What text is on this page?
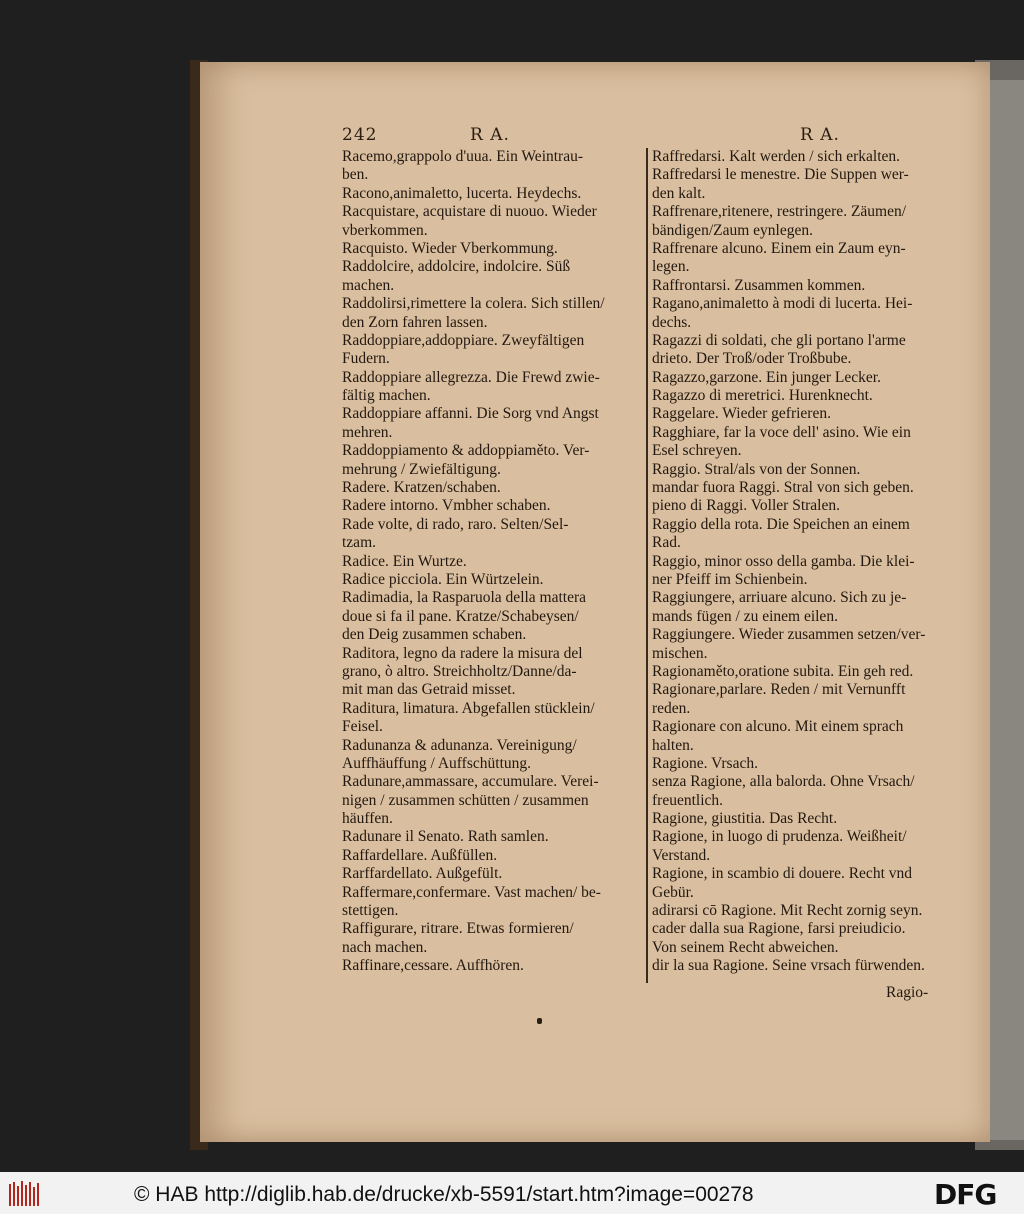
242	R A.	R A.
Racemo,grappolo d'uua. Ein Weintrau-
ben.
Racono,animaletto, lucerta. Heydechs.
Racquistare, acquistare di nuouo. Wieder
vberkommen.
Racquisto. Wieder Vberkommung.
Raddolcire, addolcire, indolcire. Süß
machen.
Raddolirsi,rimettere la colera. Sich stillen/
den Zorn fahren lassen.
Raddoppiare,addoppiare. Zweyfältigen
Fudern.
Raddoppiare allegrezza. Die Frewd zwie-
fältig machen.
Raddoppiare affanni. Die Sorg vnd Angst
mehren.
Raddoppiamento & addoppiaměto. Ver-
mehrung / Zwiefältigung.
Radere. Kratzen/schaben.
Radere intorno. Vmbher schaben.
Rade volte, di rado, raro. Selten/Sel-
tzam.
Radice. Ein Wurtze.
Radice picciola. Ein Würtzelein.
Radimadia, la Rasparuola della mattera
doue si fa il pane. Kratze/Schabeysen/
den Deig zusammen schaben.
Raditora, legno da radere la misura del
grano, ò altro. Streichholtz/Danne/da-
mit man das Getraid misset.
Raditura, limatura. Abgefallen stücklein/
Feisel.
Radunanza & adunanza. Vereinigung/
Auffhäuffung / Auffschüttung.
Radunare,ammassare, accumulare. Verei-
nigen / zusammen schütten / zusammen
häuffen.
Radunare il Senato. Rath samlen.
Raffardellare. Außfüllen.
Rarffardellato. Außgefült.
Raffermare,confermare. Vast machen/ be-
stettigen.
Raffigurare, ritrare. Etwas formieren/
nach machen.
Raffinare,cessare. Auffhören.
Raffredarsi. Kalt werden / sich erkalten.
Raffredarsi le menestre. Die Suppen wer-
den kalt.
Raffrenare,ritenere, restringere. Zäumen/
bändigen/Zaum eynlegen.
Raffrenare alcuno. Einem ein Zaum eyn-
legen.
Raffrontarsi. Zusammen kommen.
Ragano,animaletto à modi di lucerta. Hei-
dechs.
Ragazzi di soldati, che gli portano l'arme
drieto. Der Troß/oder Troßbube.
Ragazzo,garzone. Ein junger Lecker.
Ragazzo di meretrici. Hurenknecht.
Raggelare. Wieder gefrieren.
Ragghiare, far la voce dell' asino. Wie ein
Esel schreyen.
Raggio. Stral/als von der Sonnen.
mandar fuora Raggi. Stral von sich geben.
pieno di Raggi. Voller Stralen.
Raggio della rota. Die Speichen an einem
Rad.
Raggio, minor osso della gamba. Die klei-
ner Pfeiff im Schienbein.
Raggiungere, arriuare alcuno. Sich zu je-
mands fügen / zu einem eilen.
Raggiungere. Wieder zusammen setzen/ver-
mischen.
Ragionaměto,oratione subita. Ein geh red.
Ragionare,parlare. Reden / mit Vernunfft
reden.
Ragionare con alcuno. Mit einem sprach
halten.
Ragione. Vrsach.
senza Ragione, alla balorda. Ohne Vrsach/
freuentlich.
Ragione, giustitia. Das Recht.
Ragione, in luogo di prudenza. Weißheit/
Verstand.
Ragione, in scambio di douere. Recht vnd
Gebür.
adirarsi cō Ragione. Mit Recht zornig seyn.
cader dalla sua Ragione, farsi preiudicio.
Von seinem Recht abweichen.
dir la sua Ragione. Seine vrsach fürwenden.
Ragio-
© HAB http://diglib.hab.de/drucke/xb-5591/start.htm?image=00278	DFG
